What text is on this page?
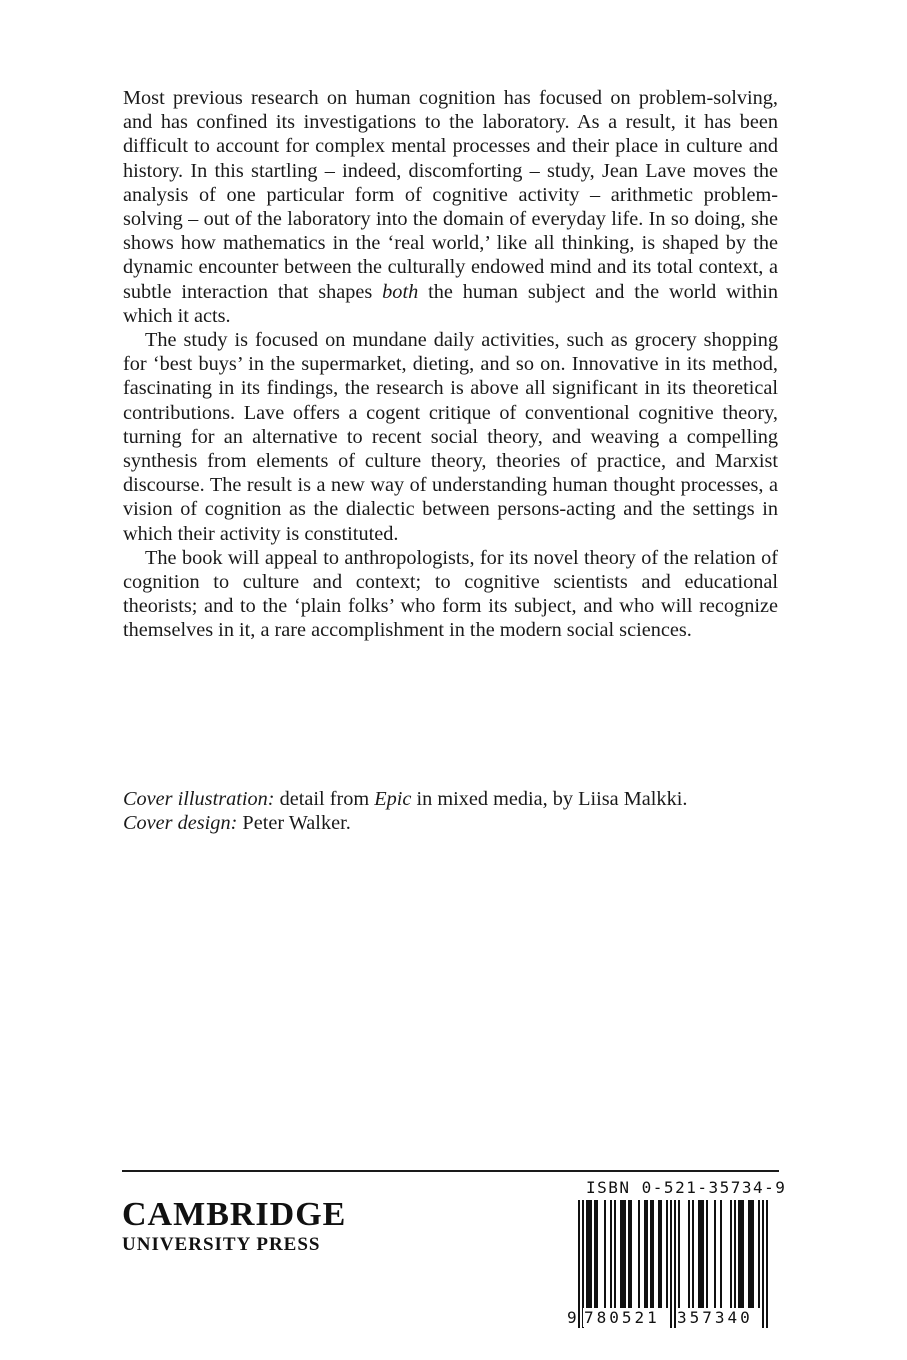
Most previous research on human cognition has focused on problem-solving, and has confined its investigations to the laboratory. As a result, it has been difficult to account for complex mental processes and their place in culture and history. In this startling – indeed, discomforting – study, Jean Lave moves the analysis of one particular form of cognitive activity – arithmetic problem-solving – out of the laboratory into the domain of everyday life. In so doing, she shows how mathematics in the ‘real world,’ like all thinking, is shaped by the dynamic encounter between the culturally endowed mind and its total context, a subtle interaction that shapes both the human subject and the world within which it acts.

The study is focused on mundane daily activities, such as grocery shopping for ‘best buys’ in the supermarket, dieting, and so on. Innovative in its method, fascinating in its findings, the research is above all significant in its theoretical contributions. Lave offers a cogent critique of conventional cognitive theory, turning for an alternative to recent social theory, and weaving a compelling synthesis from elements of culture theory, theories of practice, and Marxist discourse. The result is a new way of understanding human thought processes, a vision of cognition as the dialectic between persons-acting and the settings in which their activity is constituted.

The book will appeal to anthropologists, for its novel theory of the relation of cognition to culture and context; to cognitive scientists and educational theorists; and to the ‘plain folks’ who form its subject, and who will recognize themselves in it, a rare accomplishment in the modern social sciences.

Cover illustration: detail from Epic in mixed media, by Liisa Malkki.
Cover design: Peter Walker.
CAMBRIDGE
UNIVERSITY PRESS
ISBN 0-521-35734-9
9 780521 357340
